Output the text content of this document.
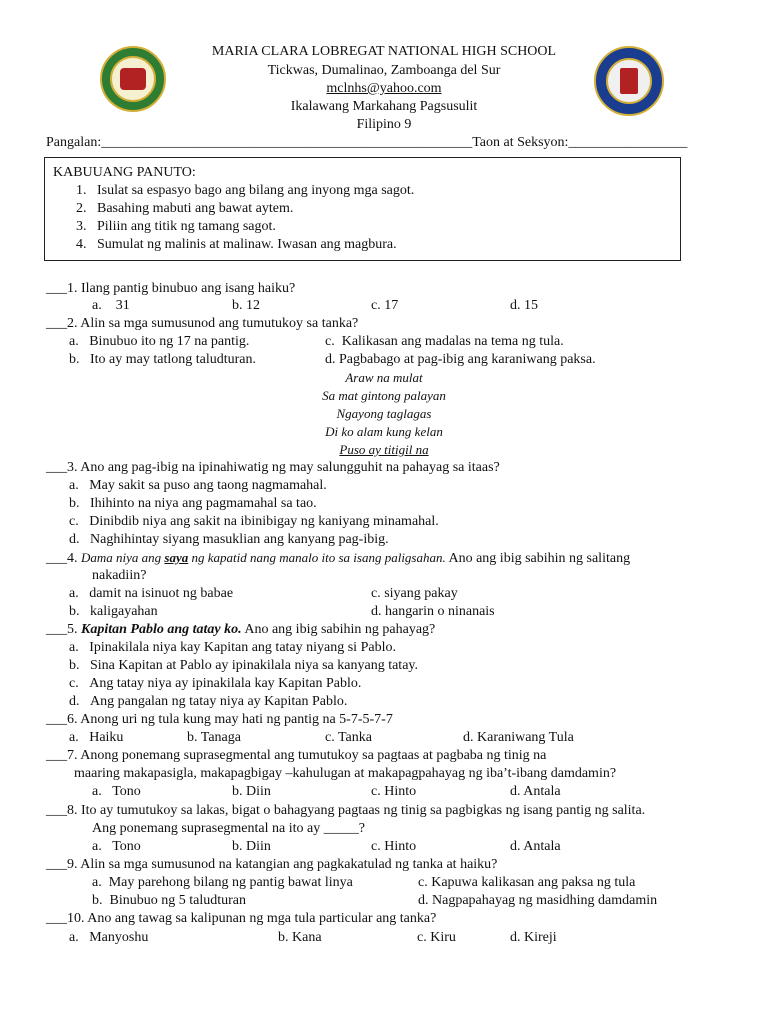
MARIA CLARA LOBREGAT NATIONAL HIGH SCHOOL
Tickwas, Dumalinao, Zamboanga del Sur
mclnhs@yahoo.com
Ikalawang Markahang Pagsusulit
Filipino 9
Pangalan:_____________________________________________________Taon at Seksyon:_________________
KABUUANG PANUTO:
1.   Isulat sa espasyo bago ang bilang ang inyong mga sagot.
2.   Basahing mabuti ang bawat aytem.
3.   Piliin ang titik ng tamang sagot.
4.   Sumulat ng malinis at malinaw. Iwasan ang magbura.
___1. Ilang pantig binubuo ang isang haiku?
a.    31	b. 12	c. 17	d. 15
___2. Alin sa mga sumusunod ang tumutukoy sa tanka?
a.   Binubuo ito ng 17 na pantig.	c.  Kalikasan ang madalas na tema ng tula.
b.   Ito ay may tatlong taludturan.	d. Pagbabago at pag-ibig ang karaniwang paksa.
Araw na mulat
Sa mat gintong palayan
Ngayong taglagas
Di ko alam kung kelan
Puso ay titigil na
___3. Ano ang pag-ibig na ipinahiwatig ng may salungguhit na pahayag sa itaas?
a.   May sakit sa puso ang taong nagmamahal.
b.   Ihihinto na niya ang pagmamahal sa tao.
c.   Dinibdib niya ang sakit na ibinibigay ng kaniyang minamahal.
d.   Naghihintay siyang masuklian ang kanyang pag-ibig.
___4. Dama niya ang saya ng kapatid nang manalo ito sa isang paligsahan. Ano ang ibig sabihin ng salitang
nakadiin?
a.   damit na isinuot ng babae	c. siyang pakay
b.   kaligayahan	d. hangarin o ninanais
___5. Kapitan Pablo ang tatay ko. Ano ang ibig sabihin ng pahayag?
a.   Ipinakilala niya kay Kapitan ang tatay niyang si Pablo.
b.   Sina Kapitan at Pablo ay ipinakilala niya sa kanyang tatay.
c.   Ang tatay niya ay ipinakilala kay Kapitan Pablo.
d.   Ang pangalan ng tatay niya ay Kapitan Pablo.
___6. Anong uri ng tula kung may hati ng pantig na 5-7-5-7-7
a.   Haiku	b. Tanaga	c. Tanka	d. Karaniwang Tula
___7. Anong ponemang suprasegmental ang tumutukoy sa pagtaas at pagbaba ng tinig na
maaring makapasigla, makapagbigay –kahulugan at makapagpahayag ng iba’t-ibang damdamin?
a.   Tono	b. Diin	c. Hinto	d. Antala
___8. Ito ay tumutukoy sa lakas, bigat o bahagyang pagtaas ng tinig sa pagbigkas ng isang pantig ng salita.
Ang ponemang suprasegmental na ito ay _____?
a.   Tono	b. Diin	c. Hinto	d. Antala
___9. Alin sa mga sumusunod na katangian ang pagkakatulad ng tanka at haiku?
a.  May parehong bilang ng pantig bawat linya	c. Kapuwa kalikasan ang paksa ng tula
b.  Binubuo ng 5 taludturan	d. Nagpapahayag ng masidhing damdamin
___10. Ano ang tawag sa kalipunan ng mga tula particular ang tanka?
a.   Manyoshu	b. Kana	c. Kiru	d. Kireji
